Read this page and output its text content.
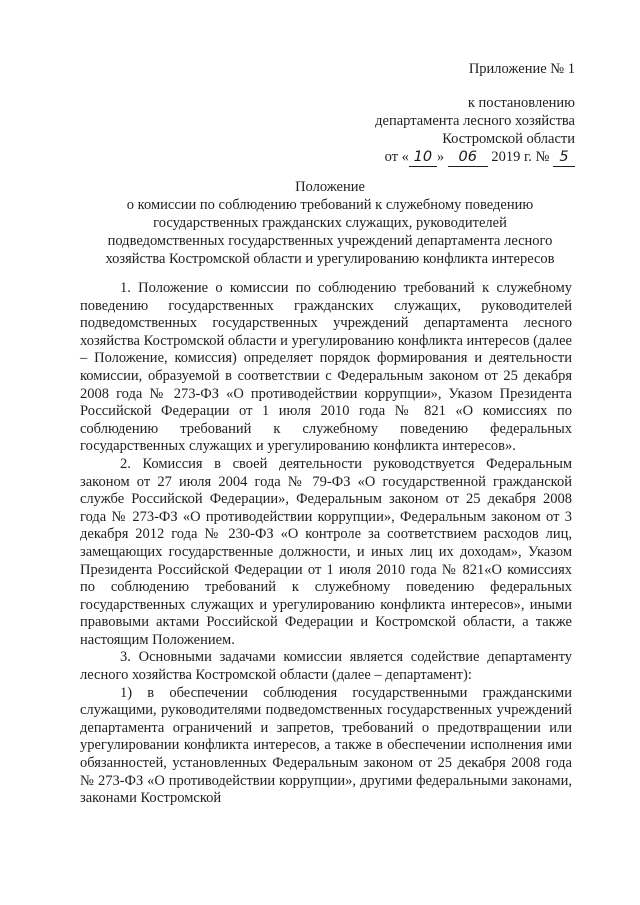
Приложение № 1
к постановлению
департамента лесного хозяйства
Костромской области
от « 10 » 06 2019 г. № 5
Положение
о комиссии по соблюдению требований к служебному поведению
государственных гражданских служащих, руководителей
подведомственных государственных учреждений департамента лесного
хозяйства Костромской области и урегулированию конфликта интересов

1. Положение о комиссии по соблюдению требований к служебному поведению государственных гражданских служащих, руководителей подведомственных государственных учреждений департамента лесного хозяйства Костромской области и урегулированию конфликта интересов (далее – Положение, комиссия) определяет порядок формирования и деятельности комиссии, образуемой в соответствии с Федеральным законом от 25 декабря 2008 года № 273-ФЗ «О противодействии коррупции», Указом Президента Российской Федерации от 1 июля 2010 года № 821 «О комиссиях по соблюдению требований к служебному поведению федеральных государственных служащих и урегулированию конфликта интересов».

2. Комиссия в своей деятельности руководствуется Федеральным законом от 27 июля 2004 года № 79-ФЗ «О государственной гражданской службе Российской Федерации», Федеральным законом от 25 декабря 2008 года № 273-ФЗ «О противодействии коррупции», Федеральным законом от 3 декабря 2012 года № 230-ФЗ «О контроле за соответствием расходов лиц, замещающих государственные должности, и иных лиц их доходам», Указом Президента Российской Федерации от 1 июля 2010 года № 821«О комиссиях по соблюдению требований к служебному поведению федеральных государственных служащих и урегулированию конфликта интересов», иными правовыми актами Российской Федерации и Костромской области, а также настоящим Положением.

3. Основными задачами комиссии является содействие департаменту лесного хозяйства Костромской области (далее – департамент):

1) в обеспечении соблюдения государственными гражданскими служащими, руководителями подведомственных государственных учреждений департамента ограничений и запретов, требований о предотвращении или урегулировании конфликта интересов, а также в обеспечении исполнения ими обязанностей, установленных Федеральным законом от 25 декабря 2008 года № 273-ФЗ «О противодействии коррупции», другими федеральными законами, законами Костромской
